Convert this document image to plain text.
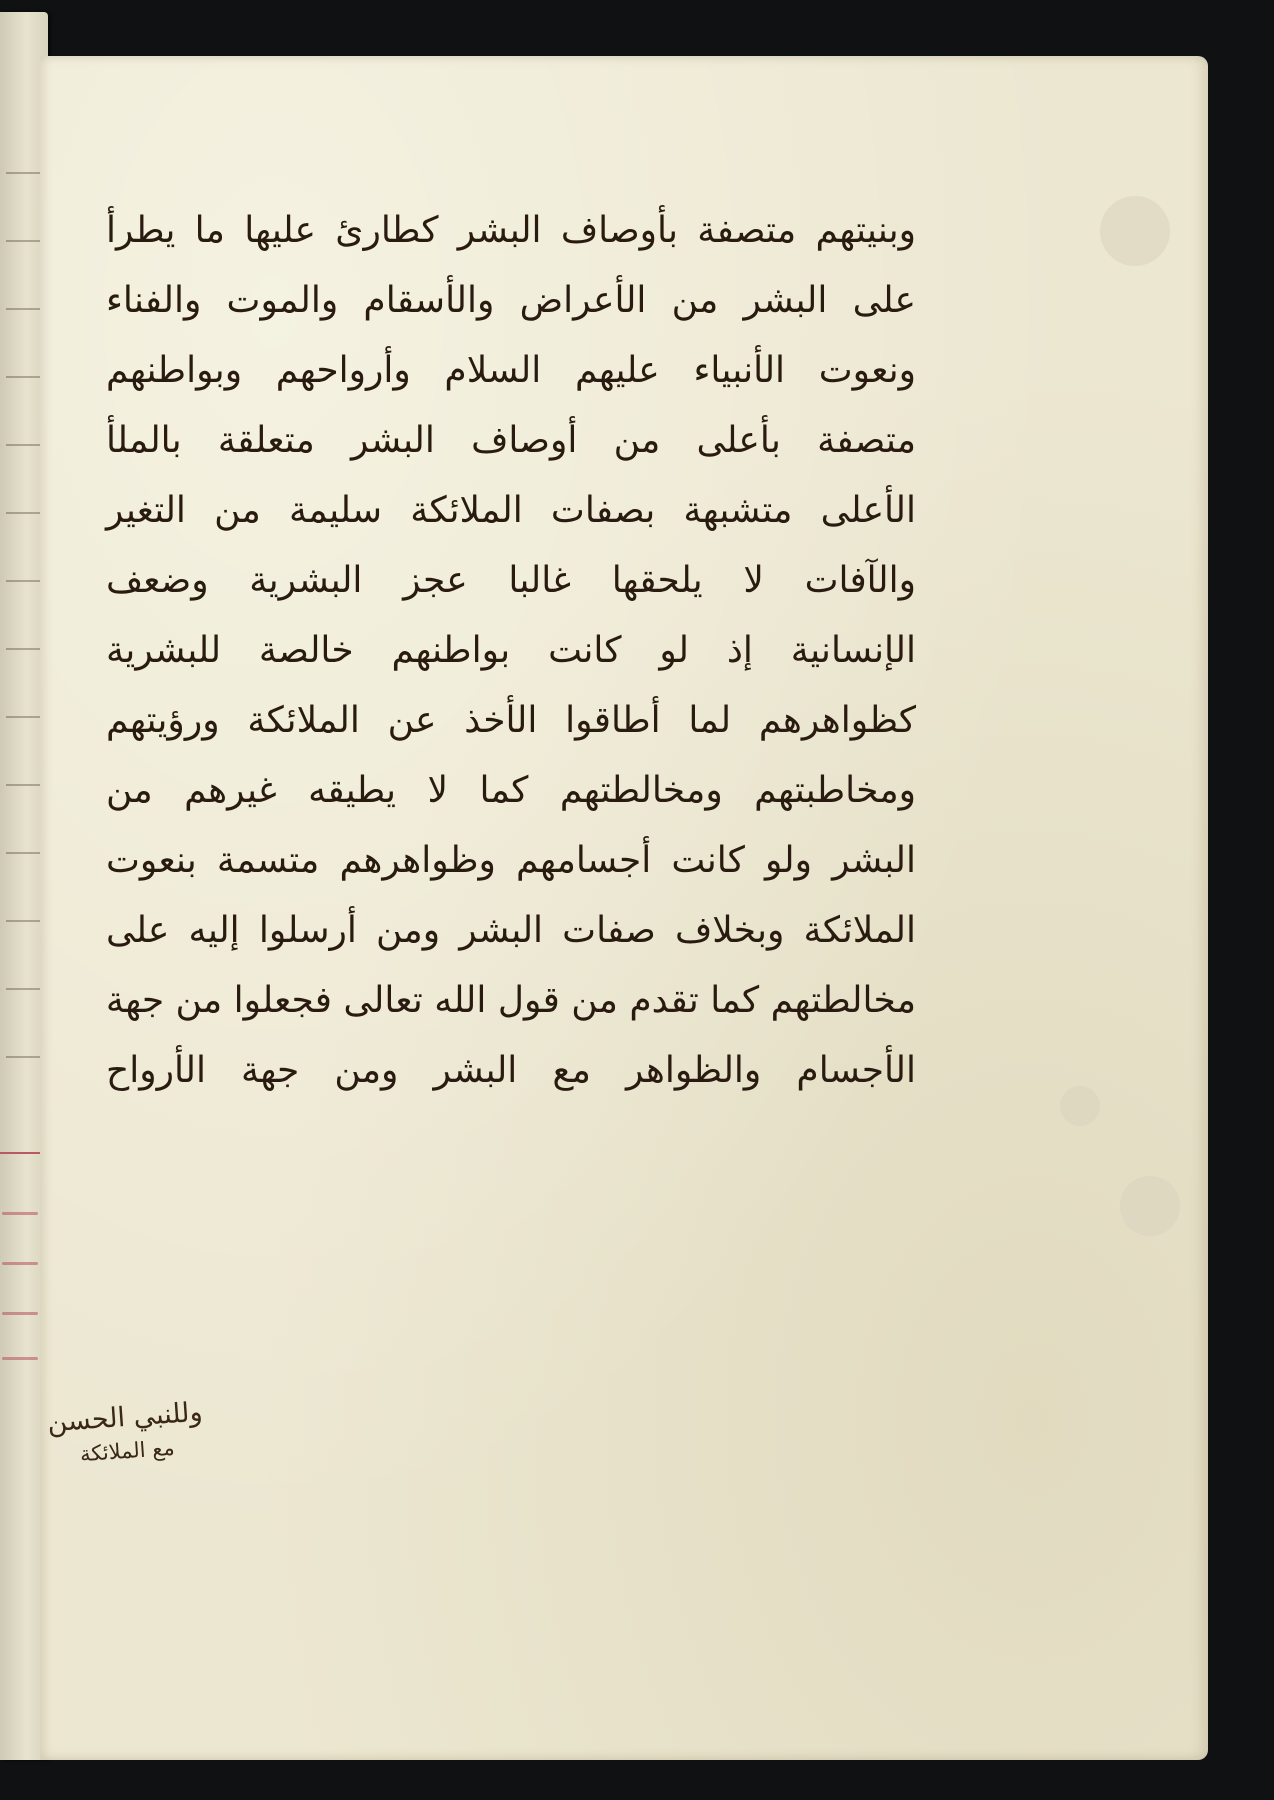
وبنيتهم متصفة بأوصاف البشر كطارئ عليها ما يطرأ
على البشر من الأعراض والأسقام والموت والفناء
ونعوت الأنبياء عليهم السلام وأرواحهم وبواطنهم
متصفة بأعلى من أوصاف البشر متعلقة بالملأ
الأعلى متشبهة بصفات الملائكة سليمة من التغير
والآفات لا يلحقها غالبا عجز البشرية وضعف
الإنسانية إذ لو كانت بواطنهم خالصة للبشرية
كظواهرهم لما أطاقوا الأخذ عن الملائكة ورؤيتهم
ومخاطبتهم ومخالطتهم كما لا يطيقه غيرهم من
البشر ولو كانت أجسامهم وظواهرهم متسمة بنعوت
الملائكة وبخلاف صفات البشر ومن أرسلوا إليه على
مخالطتهم كما تقدم من قول الله تعالى فجعلوا من جهة
الأجسام والظواهر مع البشر ومن جهة الأرواح
وللنبي الحسن
مع الملائكة
